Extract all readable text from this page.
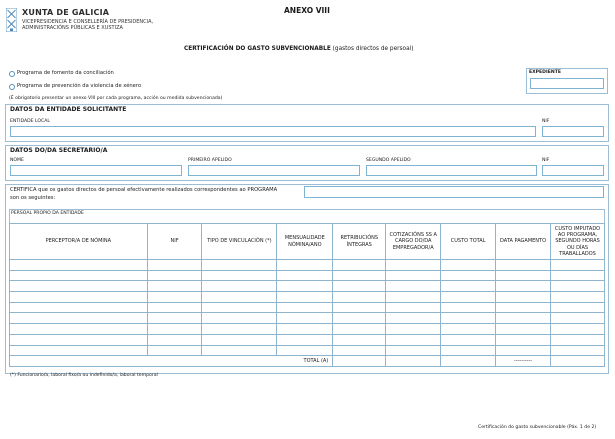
XUNTA DE GALICIA
VICEPRESIDENCIA E CONSELLERÍA DE PRESIDENCIA,
ADMINISTRACIÓNS PÚBLICAS E XUSTIZA
ANEXO VIII
CERTIFICACIÓN DO GASTO SUBVENCIONABLE (gastos directos de persoal)
Programa de fomento da conciliación
Programa de prevención da violencia de xénero
(É obrigatorio presentar un anexo VIII por cada programa, acción ou medida subvencionada)
EXPEDIENTE
DATOS DA ENTIDADE SOLICITANTE
ENTIDADE LOCAL	NIF
DATOS DO/DA SECRETARIO/A
NOME	PRIMEIRO APELIDO	SEGUNDO APELIDO	NIF
CERTIFICA que os gastos directos de persoal efectivamente realizados correspondentes ao PROGRAMA
son os seguintes:
PERSOAL PROPIO DA ENTIDADE
PERCEPTOR/A DE NÓMINA	NIF	TIPO DE VINCULACIÓN (*)	MENSUALIDADE NÓMINA/ANO	RETRIBUCIÓNS ÍNTEGRAS	COTIZACIÓNS SS A CARGO DO/DA EMPREGADOR/A	CUSTO TOTAL	DATA PAGAMENTO	CUSTO IMPUTADO AO PROGRAMA, SEGUNDO HORAS OU DÍAS TRABALLADOS

TOTAL (A)							----------	
(*) Funcionario/a, laboral fixo/a ou indefinido/a, laboral temporal
Certificación do gasto subvencionable (Páx. 1 de 2)
